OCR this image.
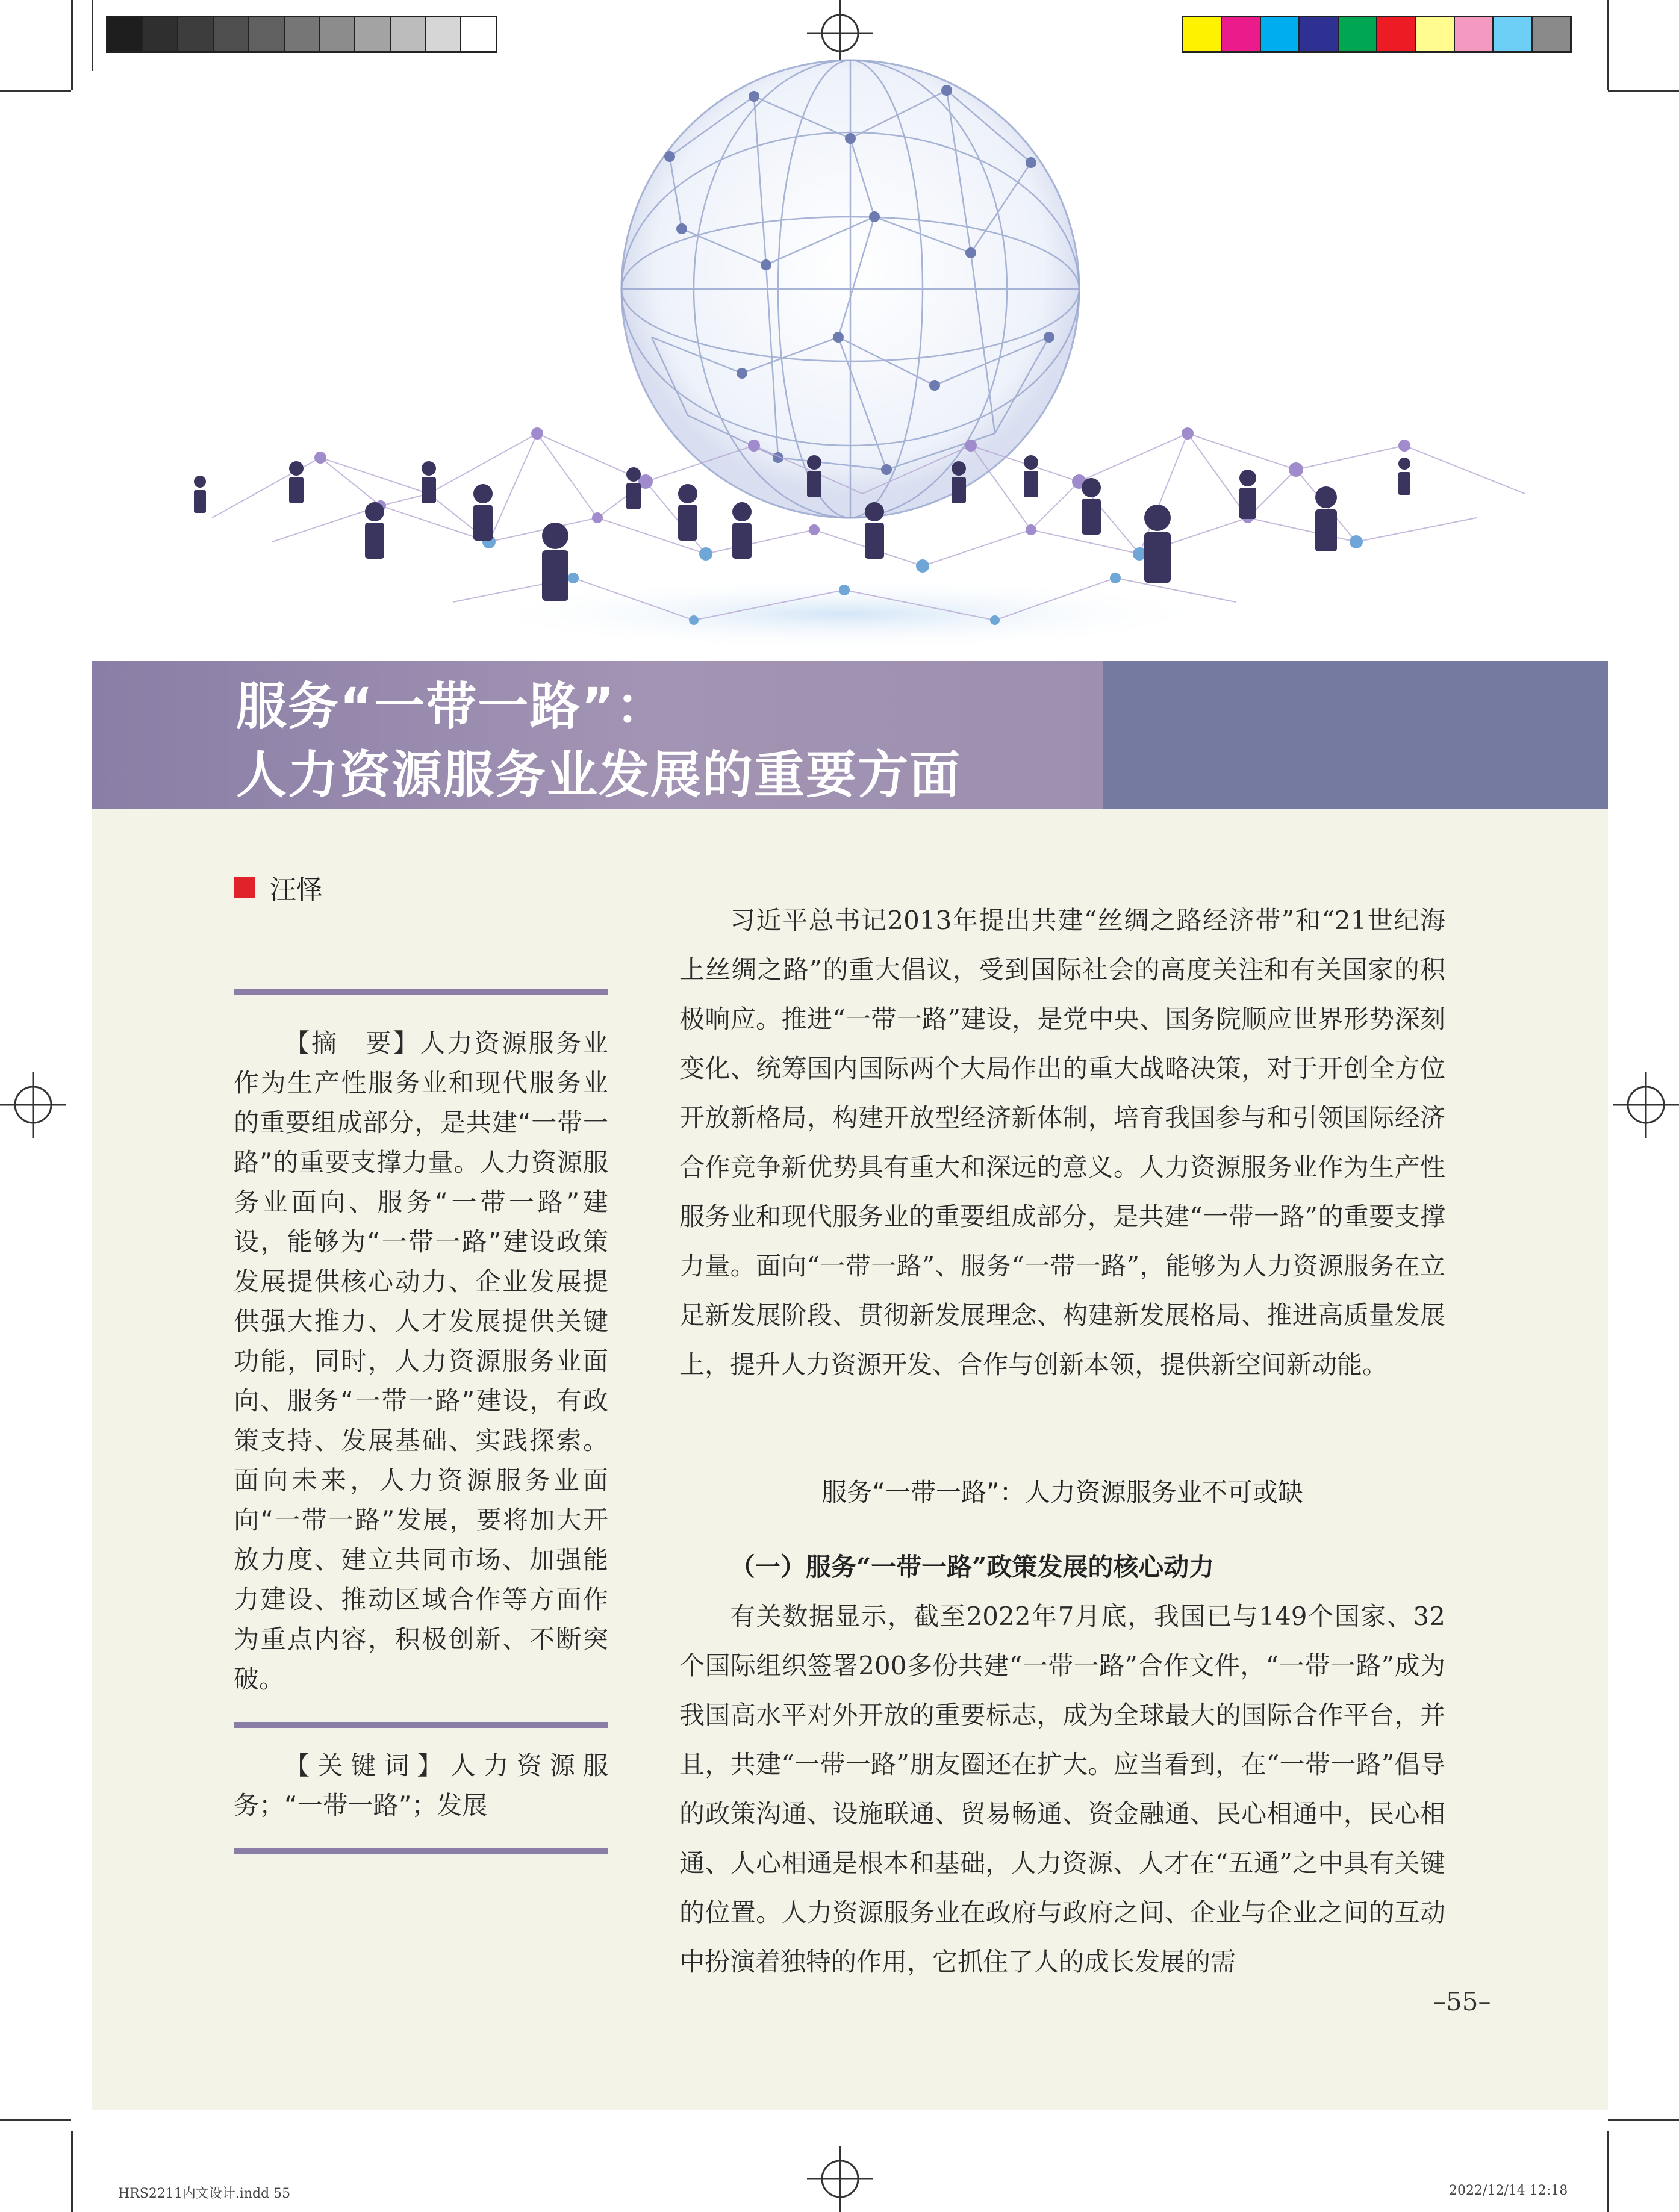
服务“一带一路”：
人力资源服务业发展的重要方面
汪怿

【摘　要】人力资源服务业作为生产性服务业和现代服务业的重要组成部分，是共建“一带一路”的重要支撑力量。人力资源服务业面向、服务“一带一路”建设，能够为“一带一路”建设政策发展提供核心动力、企业发展提供强大推力、人才发展提供关键功能，同时，人力资源服务业面向、服务“一带一路”建设，有政策支持、发展基础、实践探索。面向未来，人力资源服务业面向“一带一路”发展，要将加大开放力度、建立共同市场、加强能力建设、推动区域合作等方面作为重点内容，积极创新、不断突破。

【关键词】人力资源服务；“一带一路”；发展

习近平总书记2013年提出共建“丝绸之路经济带”和“21世纪海上丝绸之路”的重大倡议，受到国际社会的高度关注和有关国家的积极响应。推进“一带一路”建设，是党中央、国务院顺应世界形势深刻变化、统筹国内国际两个大局作出的重大战略决策，对于开创全方位开放新格局，构建开放型经济新体制，培育我国参与和引领国际经济合作竞争新优势具有重大和深远的意义。人力资源服务业作为生产性服务业和现代服务业的重要组成部分，是共建“一带一路”的重要支撑力量。面向“一带一路”、服务“一带一路”，能够为人力资源服务在立足新发展阶段、贯彻新发展理念、构建新发展格局、推进高质量发展上，提升人力资源开发、合作与创新本领，提供新空间新动能。

服务“一带一路”：人力资源服务业不可或缺
（一）服务“一带一路”政策发展的核心动力

有关数据显示，截至2022年7月底，我国已与149个国家、32个国际组织签署200多份共建“一带一路”合作文件，“一带一路”成为我国高水平对外开放的重要标志，成为全球最大的国际合作平台，并且，共建“一带一路”朋友圈还在扩大。应当看到，在“一带一路”倡导的政策沟通、设施联通、贸易畅通、资金融通、民心相通中，民心相通、人心相通是根本和基础，人力资源、人才在“五通”之中具有关键的位置。人力资源服务业在政府与政府之间、企业与企业之间的互动中扮演着独特的作用，它抓住了人的成长发展的需

–55–
HRS2211内文设计.indd 55	2022/12/14 12:18
